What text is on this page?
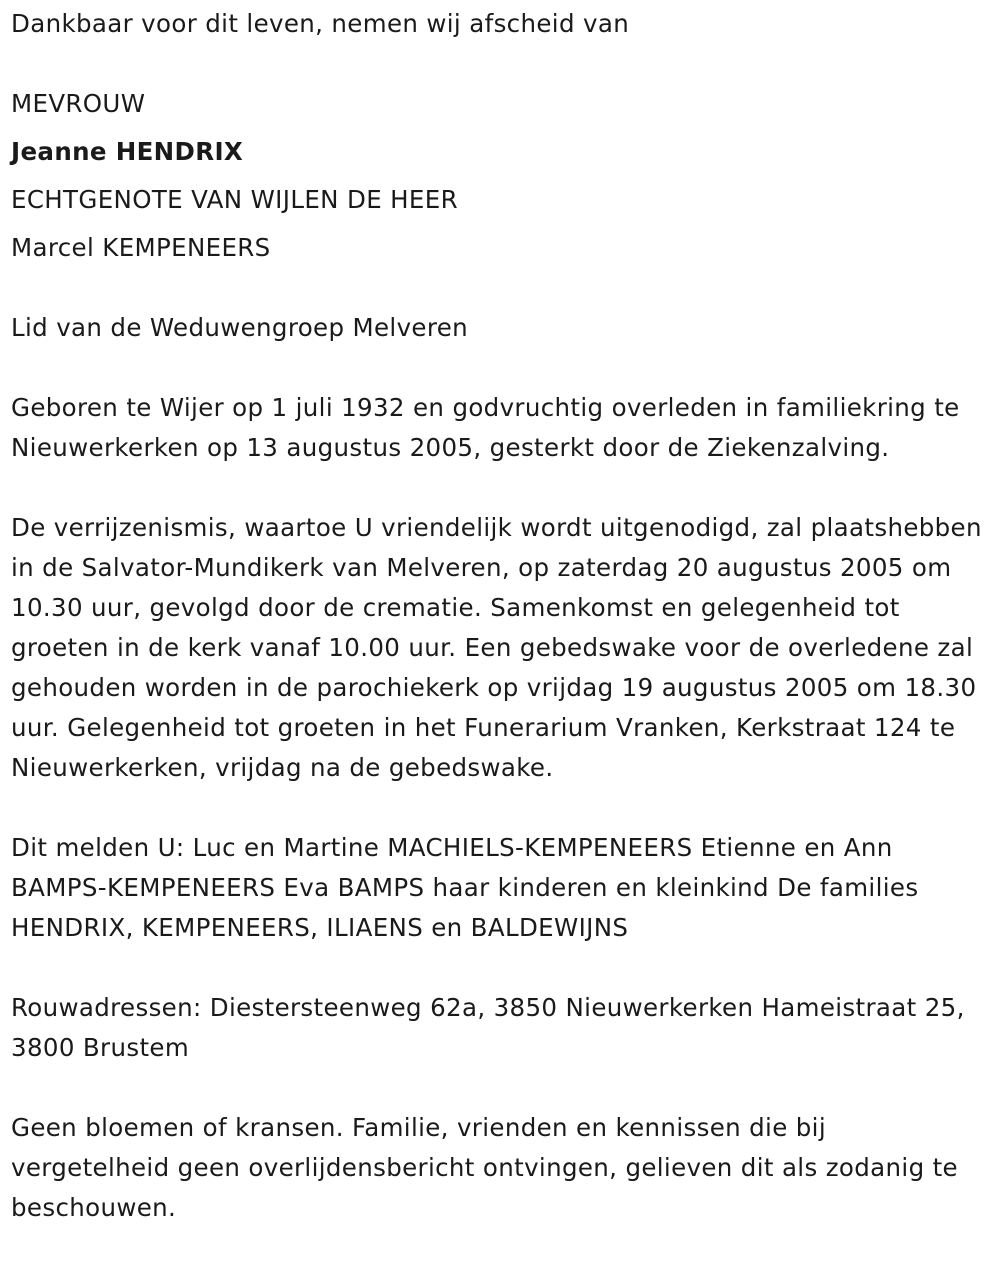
Dankbaar voor dit leven, nemen wij afscheid van

MEVROUW

Jeanne HENDRIX

ECHTGENOTE VAN WIJLEN DE HEER

Marcel KEMPENEERS

Lid van de Weduwengroep Melveren

Geboren te Wijer op 1 juli 1932 en godvruchtig overleden in familiekring te Nieuwerkerken op 13 augustus 2005, gesterkt door de Ziekenzalving.

De verrijzenismis, waartoe U vriendelijk wordt uitgenodigd, zal plaatshebben in de Salvator-Mundikerk van Melveren, op zaterdag 20 augustus 2005 om 10.30 uur, gevolgd door de crematie. Samenkomst en gelegenheid tot groeten in de kerk vanaf 10.00 uur. Een gebedswake voor de overledene zal gehouden worden in de parochiekerk op vrijdag 19 augustus 2005 om 18.30 uur. Gelegenheid tot groeten in het Funerarium Vranken, Kerkstraat 124 te Nieuwerkerken, vrijdag na de gebedswake.

Dit melden U: Luc en Martine MACHIELS-KEMPENEERS Etienne en Ann BAMPS-KEMPENEERS Eva BAMPS haar kinderen en kleinkind De families HENDRIX, KEMPENEERS, ILIAENS en BALDEWIJNS

Rouwadressen: Diestersteenweg 62a, 3850 Nieuwerkerken Hameistraat 25, 3800 Brustem

Geen bloemen of kransen. Familie, vrienden en kennissen die bij vergetelheid geen overlijdensbericht ontvingen, gelieven dit als zodanig te beschouwen.
